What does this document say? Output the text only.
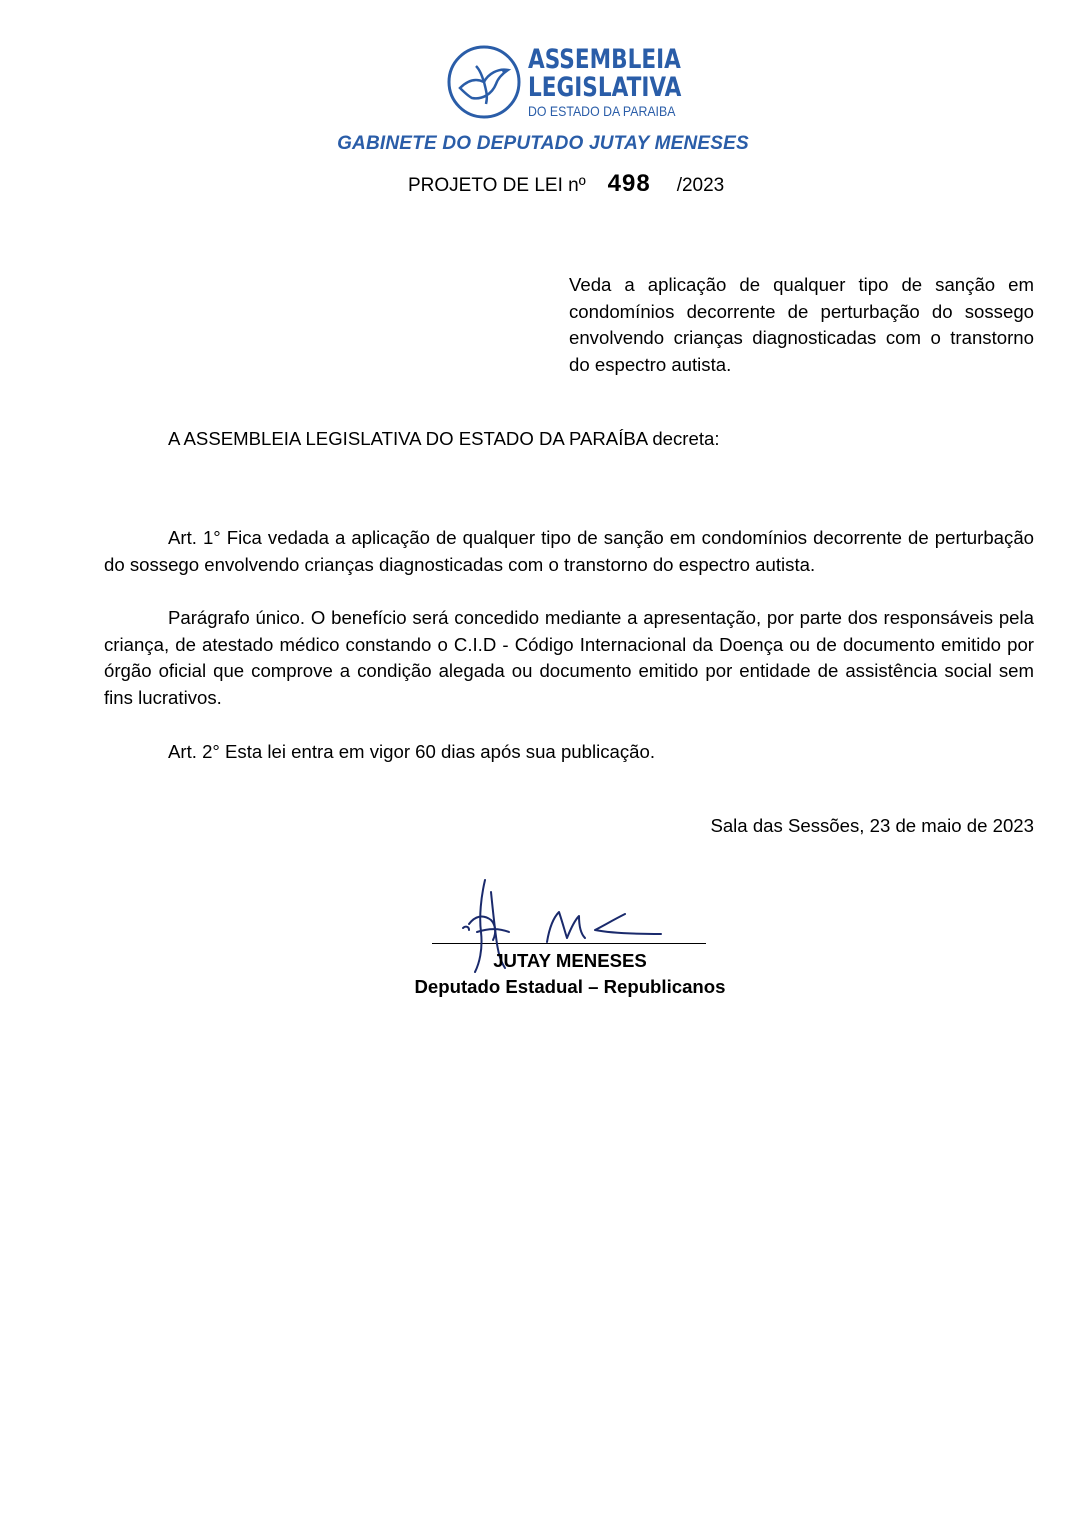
ASSEMBLEIA
LEGISLATIVA
DO ESTADO DA PARAIBA
GABINETE DO DEPUTADO JUTAY MENESES
PROJETO DE LEI nº 498 /2023
Veda a aplicação de qualquer tipo de sanção em condomínios decorrente de perturbação do sossego envolvendo crianças diagnosticadas com o transtorno do espectro autista.
A ASSEMBLEIA LEGISLATIVA DO ESTADO DA PARAÍBA decreta:
Art. 1° Fica vedada a aplicação de qualquer tipo de sanção em condomínios decorrente de perturbação do sossego envolvendo crianças diagnosticadas com o transtorno do espectro autista.
Parágrafo único. O benefício será concedido mediante a apresentação, por parte dos responsáveis pela criança, de atestado médico constando o C.I.D - Código Internacional da Doença ou de documento emitido por órgão oficial que comprove a condição alegada ou documento emitido por entidade de assistência social sem fins lucrativos.
Art. 2° Esta lei entra em vigor 60 dias após sua publicação.
Sala das Sessões, 23 de maio de 2023
JUTAY MENESES
Deputado Estadual – Republicanos
